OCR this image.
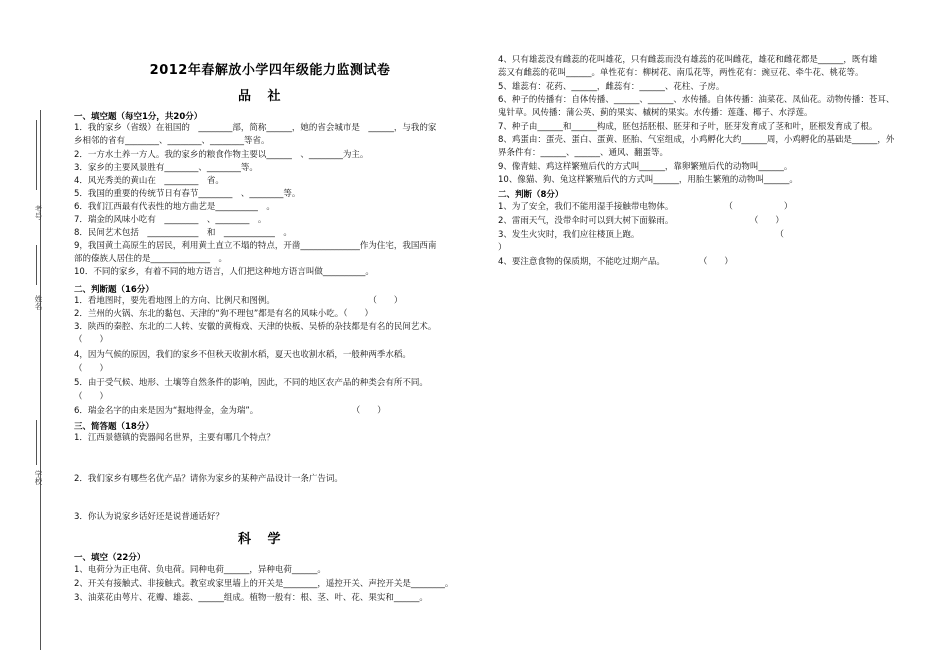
考号
姓名
学校
2012年春解放小学四年级能力监测试卷
品 社
一、填空题（每空1分，共20分）
1．我的家乡（省级）在祖国的　________部，简称______，她的省会城市是　______，与我的家
乡相邻的省有________、________、________等省。
2．一方水土养一方人。我的家乡的粮食作物主要以______　、________为主。
3．家乡的主要风景胜有________、________等。
4．风光秀美的黄山在　________　省。
5．我国的重要的传统节日有春节________　、________等。
6．我们江西最有代表性的地方曲艺是__________　。
7．瑞金的风味小吃有　________　、________　。
8．民间艺术包括　____________　和　____________　。
9，我国黄土高原生的居民，利用黄土直立不塌的特点，开凿______________作为住宅，我国西南
部的傣族人居住的是______________　。
10．不同的家乡，有着不同的地方语言，人们把这种地方语言叫做__________。
二、判断题（16分）
1．看地图时，要先看地图上的方向、比例尺和图例。　　　　　　　　　　　　（　　）
2．兰州的火锅、东北的黏包、天津的“狗不理包”都是有名的风味小吃。（　　）
3．陕西的秦腔、东北的二人转、安徽的黄梅戏、天津的快板、吴桥的杂技都是有名的民间艺术。
（　　）
4，因为气候的原因，我们的家乡不但秋天收割水稻，夏天也收割水稻，一般种两季水稻。
（　　）
5．由于受气候、地形、土壤等自然条件的影响，因此，不同的地区农产品的种类会有所不同。
（　　）
6．瑞金名字的由来是因为“掘地得金，金为瑞”。　　　　　　　　　　　　（　　）
三、简答题（18分）
1．江西景德镇的瓷器闻名世界，主要有哪几个特点？
2．我们家乡有哪些名优产品？请你为家乡的某种产品设计一条广告词。
3．你认为说家乡话好还是说普通话好？
科 学
一、填空（22分）
1、电荷分为正电荷、负电荷。同种电荷______，异种电荷______。
2、开关有接触式、非接触式。教室或家里墙上的开关是________，遥控开关、声控开关是________。
3、油菜花由萼片、花瓣、雄蕊、______组成。植物一般有：根、茎、叶、花、果实和______。
4、只有雄蕊没有雌蕊的花叫雄花，只有雌蕊而没有雄蕊的花叫雌花，雄花和雌花都是______，既有雄
蕊又有雌蕊的花叫______。单性花有：柳树花、南瓜花等，两性花有：豌豆花、牵牛花、桃花等。
5、雄蕊有：花药、______，雌蕊有：______、花柱、子房。
6、种子的传播有：自体传播、______、______、水传播。自体传播：油菜花、凤仙花。动物传播：苍耳、
鬼针草。风传播：蒲公英、蓟的果实、槭树的果实。水传播：莲蓬、椰子、水浮莲。
7、种子由______和______构成，胚包括胚根、胚芽和子叶，胚芽发育成了茎和叶，胚根发育成了根。
8、鸡蛋由：蛋壳、蛋白、蛋黄、胚胎、气室组成，小鸡孵化大约______周，小鸡孵化的基础是______，外
界条件有：______、______、通风、翻蛋等。
9、像青蛙、鸡这样繁殖后代的方式叫______，靠卵繁殖后代的动物叫______。
10、像猫、狗、兔这样繁殖后代的方式叫______，用胎生繁殖的动物叫______。
二、判断（8分）
1、为了安全，我们不能用湿手接触带电物体。　　　　　　　（　　　　　　）
2、雷雨天气，没带伞时可以到大树下面躲雨。　　　　　　　　　　（　　）
3、发生火灾时，我们应往楼顶上跑。　　　　　　　　　　　　　　　　　（
）
4、要注意食物的保质期，不能吃过期产品。　　　　　（　　）
